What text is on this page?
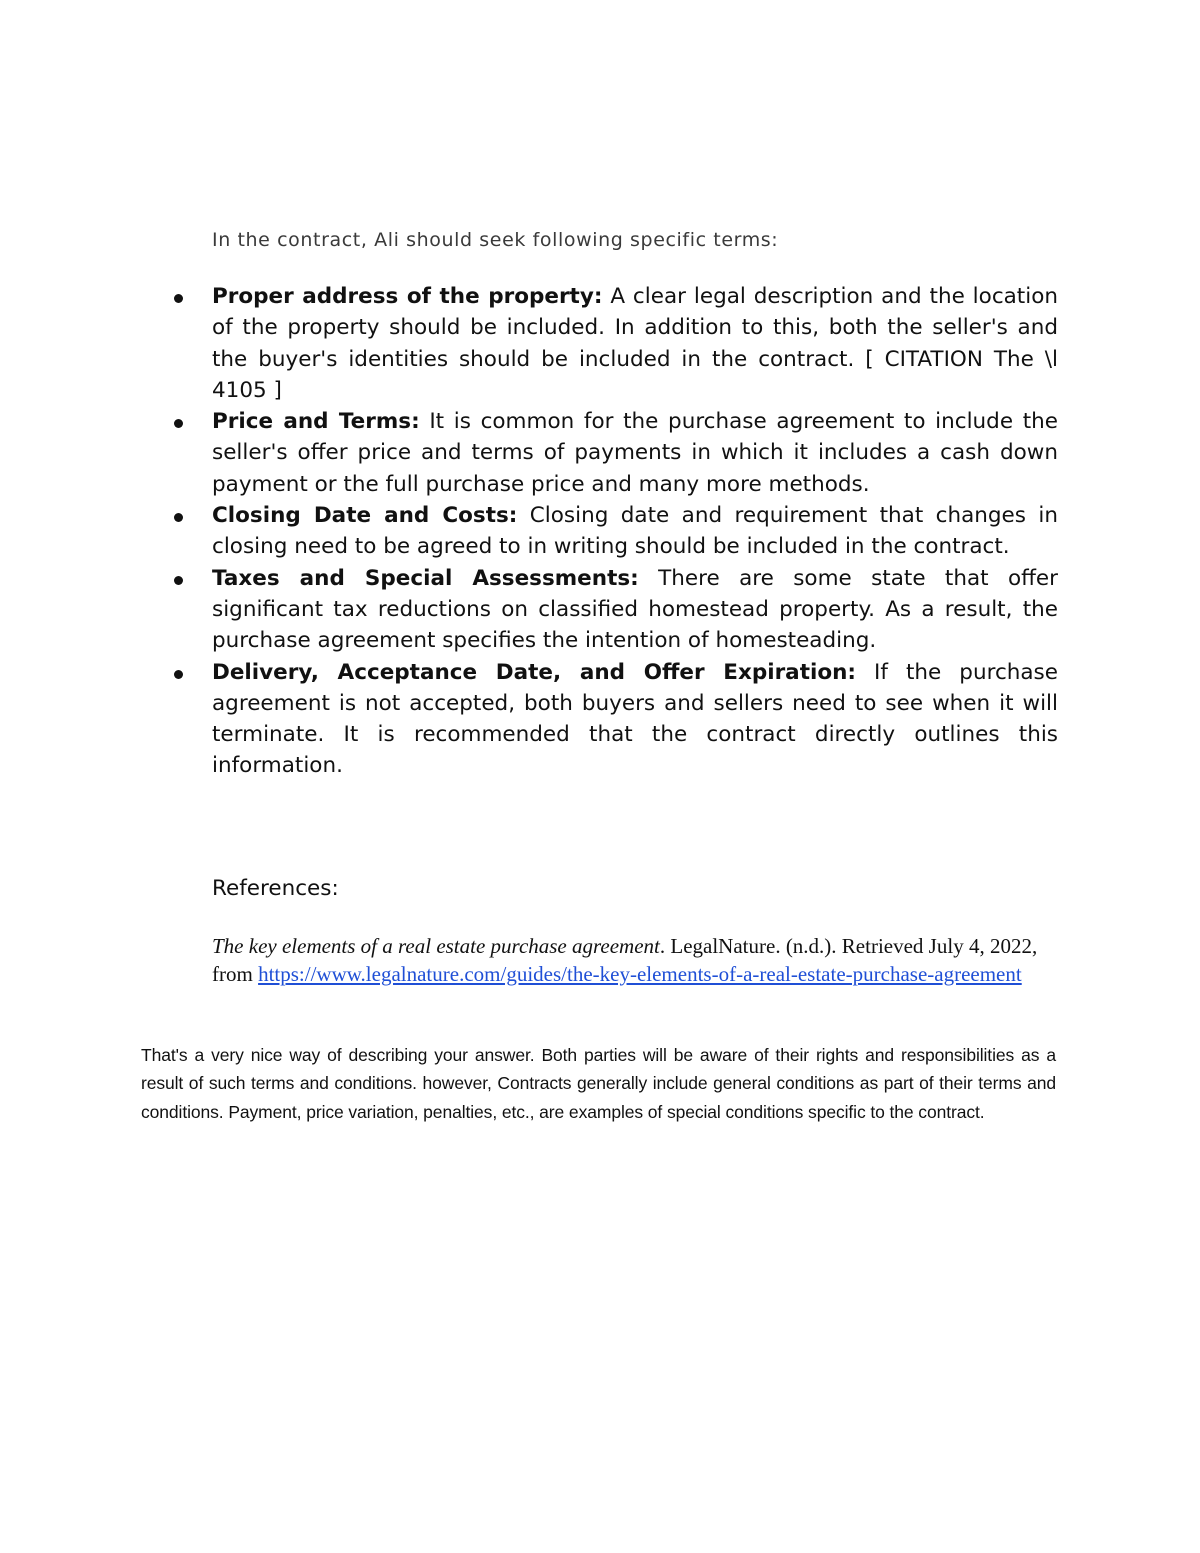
In the contract, Ali should seek following specific terms:

Proper address of the property: A clear legal description and the location of the property should be included. In addition to this, both the seller's and the buyer's identities should be included in the contract. [ CITATION The \l 4105 ]
Price and Terms: It is common for the purchase agreement to include the seller's offer price and terms of payments in which it includes a cash down payment or the full purchase price and many more methods.
Closing Date and Costs: Closing date and requirement that changes in closing need to be agreed to in writing should be included in the contract.
Taxes and Special Assessments: There are some state that offer significant tax reductions on classified homestead property. As a result, the purchase agreement specifies the intention of homesteading.
Delivery, Acceptance Date, and Offer Expiration: If the purchase agreement is not accepted, both buyers and sellers need to see when it will terminate. It is recommended that the contract directly outlines this information.
References:

The key elements of a real estate purchase agreement. LegalNature. (n.d.). Retrieved July 4, 2022, from https://www.legalnature.com/guides/the-key-elements-of-a-real-estate-purchase-agreement

That's a very nice way of describing your answer. Both parties will be aware of their rights and responsibilities as a result of such terms and conditions. however, Contracts generally include general conditions as part of their terms and conditions. Payment, price variation, penalties, etc., are examples of special conditions specific to the contract.
